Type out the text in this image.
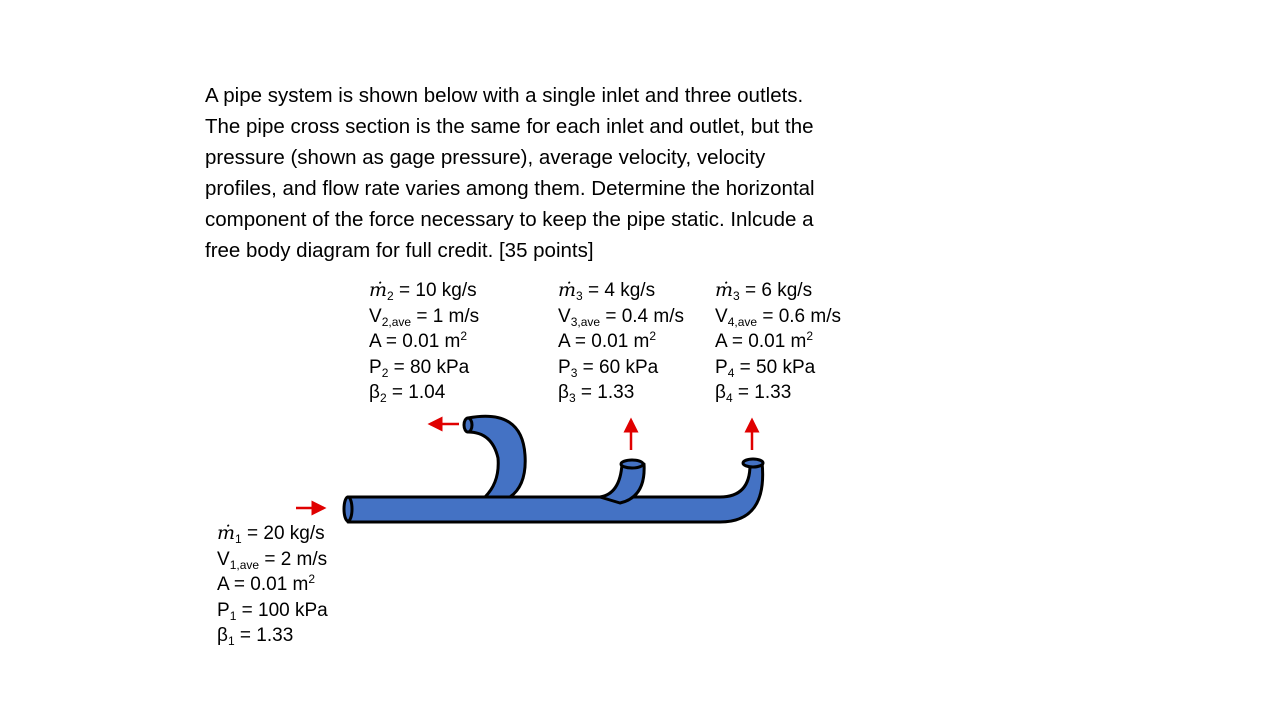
A pipe system is shown below with a single inlet and three outlets.
The pipe cross section is the same for each inlet and outlet, but the
pressure (shown as gage pressure), average velocity, velocity
profiles, and flow rate varies among them. Determine the horizontal
component of the force necessary to keep the pipe static. Inlcude a
free body diagram for full credit. [35 points]
ṁ$_2$ = 10 kg/s
$V_{2,ave} = 1$ m/s
A = 0.01 $m^2$
$P_2 = 80$ kPa
$\beta_2 = 1.04$
ṁ$_3$ = 4 kg/s
$V_{3,ave} = 0.4$ m/s
A = 0.01 $m^2$
$P_3 = 60$ kPa
$\beta_3 = 1.33$
ṁ$_3$ = 6 kg/s
$V_{4,ave} = 0.6$ m/s
A = 0.01 $m^2$
$P_4 = 50$ kPa
$\beta_4 = 1.33$
ṁ$_1$ = 20 kg/s
$V_{1,ave} = 2$ m/s
A = 0.01 $m^2$
$P_1 = 100$ kPa
$\beta_1 = 1.33$
